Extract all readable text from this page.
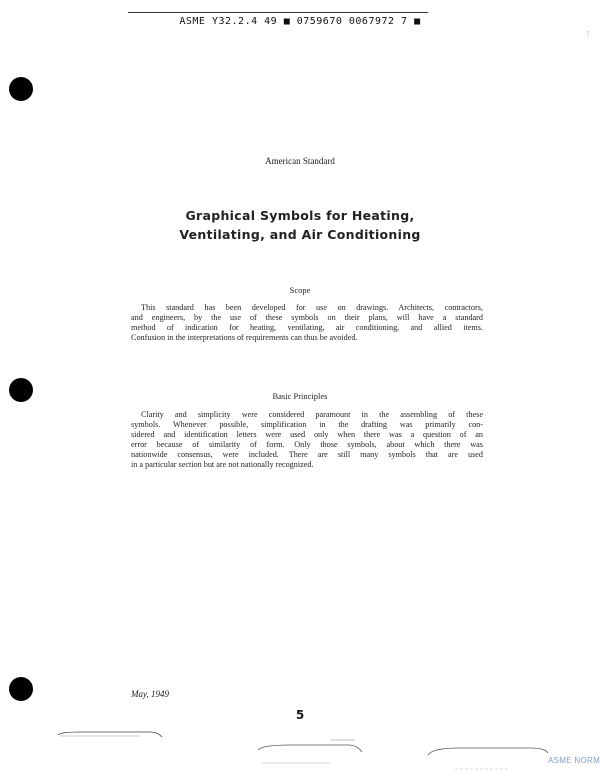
ASME Y32.2.4 49 ■ 0759670 0067972 7 ■
⋮
American Standard
Graphical Symbols for Heating,
Ventilating, and Air Conditioning
Scope
This standard has been developed for use on drawings. Architects, contractors,
and engineers, by the use of these symbols on their plans, will have a standard
method of indication for heating, ventilating, air conditioning, and allied items.
Confusion in the interpretations of requirements can thus be avoided.
Basic Principles
Clarity and simplicity were considered paramount in the assembling of these
symbols. Whenever possible, simplification in the drafting was primarily con-
sidered and identification letters were used only when there was a question of an
error because of similarity of form. Only those symbols, about which there was
nationwide consensus, were included. There are still many symbols that are used
in a particular section but are not nationally recognized.
May, 1949
5
ASME NORM
